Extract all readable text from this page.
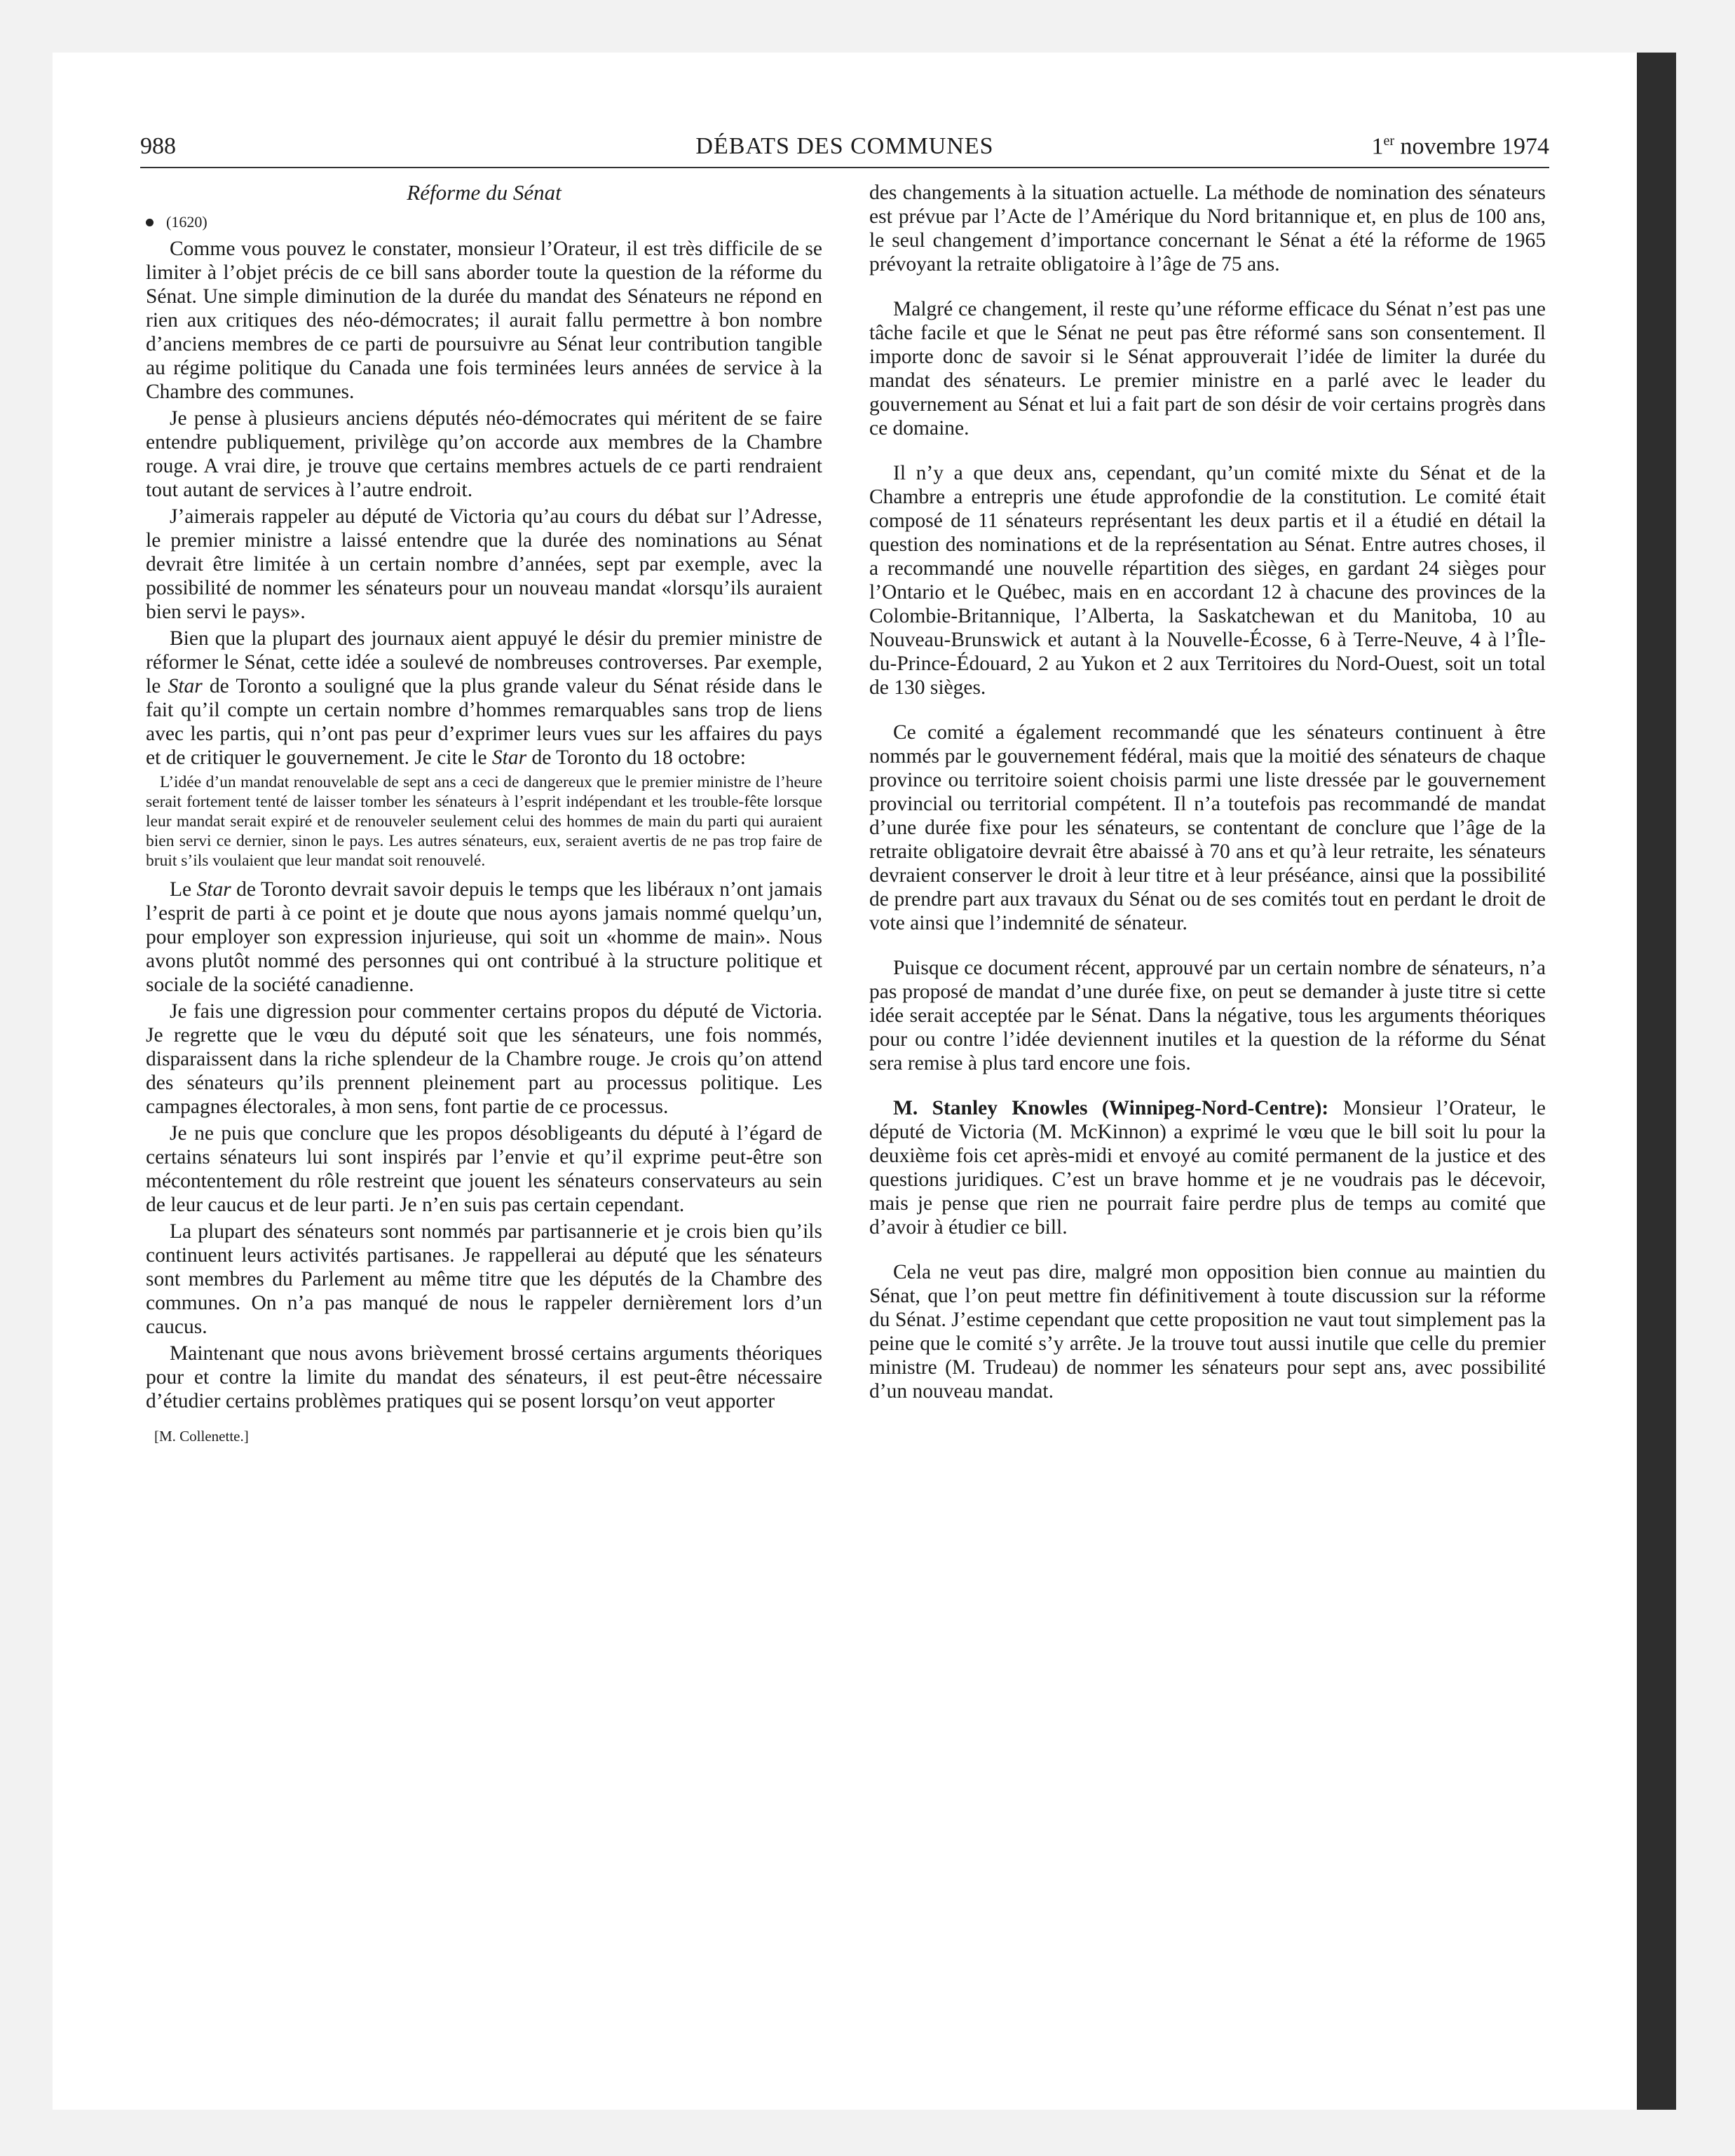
988	DÉBATS DES COMMUNES	1er novembre 1974
Réforme du Sénat
(1620)

Comme vous pouvez le constater, monsieur l’Orateur, il est très difficile de se limiter à l’objet précis de ce bill sans aborder toute la question de la réforme du Sénat. Une simple diminution de la durée du mandat des Sénateurs ne répond en rien aux critiques des néo-démocrates; il aurait fallu permettre à bon nombre d’anciens membres de ce parti de poursuivre au Sénat leur contribution tangible au régime politique du Canada une fois terminées leurs années de service à la Chambre des communes.

Je pense à plusieurs anciens députés néo-démocrates qui méritent de se faire entendre publiquement, privilège qu’on accorde aux membres de la Chambre rouge. A vrai dire, je trouve que certains membres actuels de ce parti rendraient tout autant de services à l’autre endroit.

J’aimerais rappeler au député de Victoria qu’au cours du débat sur l’Adresse, le premier ministre a laissé entendre que la durée des nominations au Sénat devrait être limitée à un certain nombre d’années, sept par exemple, avec la possibilité de nommer les sénateurs pour un nouveau mandat «lorsqu’ils auraient bien servi le pays».

Bien que la plupart des journaux aient appuyé le désir du premier ministre de réformer le Sénat, cette idée a soulevé de nombreuses controverses. Par exemple, le Star de Toronto a souligné que la plus grande valeur du Sénat réside dans le fait qu’il compte un certain nombre d’hommes remarquables sans trop de liens avec les partis, qui n’ont pas peur d’exprimer leurs vues sur les affaires du pays et de critiquer le gouvernement. Je cite le Star de Toronto du 18 octobre:

L’idée d’un mandat renouvelable de sept ans a ceci de dangereux que le premier ministre de l’heure serait fortement tenté de laisser tomber les sénateurs à l’esprit indépendant et les trouble-fête lorsque leur mandat serait expiré et de renouveler seulement celui des hommes de main du parti qui auraient bien servi ce dernier, sinon le pays. Les autres sénateurs, eux, seraient avertis de ne pas trop faire de bruit s’ils voulaient que leur mandat soit renouvelé.

Le Star de Toronto devrait savoir depuis le temps que les libéraux n’ont jamais l’esprit de parti à ce point et je doute que nous ayons jamais nommé quelqu’un, pour employer son expression injurieuse, qui soit un «homme de main». Nous avons plutôt nommé des personnes qui ont contribué à la structure politique et sociale de la société canadienne.

Je fais une digression pour commenter certains propos du député de Victoria. Je regrette que le vœu du député soit que les sénateurs, une fois nommés, disparaissent dans la riche splendeur de la Chambre rouge. Je crois qu’on attend des sénateurs qu’ils prennent pleinement part au processus politique. Les campagnes électorales, à mon sens, font partie de ce processus.

Je ne puis que conclure que les propos désobligeants du député à l’égard de certains sénateurs lui sont inspirés par l’envie et qu’il exprime peut-être son mécontentement du rôle restreint que jouent les sénateurs conservateurs au sein de leur caucus et de leur parti. Je n’en suis pas certain cependant.

La plupart des sénateurs sont nommés par partisannerie et je crois bien qu’ils continuent leurs activités partisanes. Je rappellerai au député que les sénateurs sont membres du Parlement au même titre que les députés de la Chambre des communes. On n’a pas manqué de nous le rappeler dernièrement lors d’un caucus.

Maintenant que nous avons brièvement brossé certains arguments théoriques pour et contre la limite du mandat des sénateurs, il est peut-être nécessaire d’étudier certains problèmes pratiques qui se posent lorsqu’on veut apporter

[M. Collenette.]

des changements à la situation actuelle. La méthode de nomination des sénateurs est prévue par l’Acte de l’Amérique du Nord britannique et, en plus de 100 ans, le seul changement d’importance concernant le Sénat a été la réforme de 1965 prévoyant la retraite obligatoire à l’âge de 75 ans.

Malgré ce changement, il reste qu’une réforme efficace du Sénat n’est pas une tâche facile et que le Sénat ne peut pas être réformé sans son consentement. Il importe donc de savoir si le Sénat approuverait l’idée de limiter la durée du mandat des sénateurs. Le premier ministre en a parlé avec le leader du gouvernement au Sénat et lui a fait part de son désir de voir certains progrès dans ce domaine.

Il n’y a que deux ans, cependant, qu’un comité mixte du Sénat et de la Chambre a entrepris une étude approfondie de la constitution. Le comité était composé de 11 sénateurs représentant les deux partis et il a étudié en détail la question des nominations et de la représentation au Sénat. Entre autres choses, il a recommandé une nouvelle répartition des sièges, en gardant 24 sièges pour l’Ontario et le Québec, mais en en accordant 12 à chacune des provinces de la Colombie-Britannique, l’Alberta, la Saskatchewan et du Manitoba, 10 au Nouveau-Brunswick et autant à la Nouvelle-Écosse, 6 à Terre-Neuve, 4 à l’Île-du-Prince-Édouard, 2 au Yukon et 2 aux Territoires du Nord-Ouest, soit un total de 130 sièges.

Ce comité a également recommandé que les sénateurs continuent à être nommés par le gouvernement fédéral, mais que la moitié des sénateurs de chaque province ou territoire soient choisis parmi une liste dressée par le gouvernement provincial ou territorial compétent. Il n’a toutefois pas recommandé de mandat d’une durée fixe pour les sénateurs, se contentant de conclure que l’âge de la retraite obligatoire devrait être abaissé à 70 ans et qu’à leur retraite, les sénateurs devraient conserver le droit à leur titre et à leur préséance, ainsi que la possibilité de prendre part aux travaux du Sénat ou de ses comités tout en perdant le droit de vote ainsi que l’indemnité de sénateur.

Puisque ce document récent, approuvé par un certain nombre de sénateurs, n’a pas proposé de mandat d’une durée fixe, on peut se demander à juste titre si cette idée serait acceptée par le Sénat. Dans la négative, tous les arguments théoriques pour ou contre l’idée deviennent inutiles et la question de la réforme du Sénat sera remise à plus tard encore une fois.

M. Stanley Knowles (Winnipeg-Nord-Centre): Monsieur l’Orateur, le député de Victoria (M. McKinnon) a exprimé le vœu que le bill soit lu pour la deuxième fois cet après-midi et envoyé au comité permanent de la justice et des questions juridiques. C’est un brave homme et je ne voudrais pas le décevoir, mais je pense que rien ne pourrait faire perdre plus de temps au comité que d’avoir à étudier ce bill.

Cela ne veut pas dire, malgré mon opposition bien connue au maintien du Sénat, que l’on peut mettre fin définitivement à toute discussion sur la réforme du Sénat. J’estime cependant que cette proposition ne vaut tout simplement pas la peine que le comité s’y arrête. Je la trouve tout aussi inutile que celle du premier ministre (M. Trudeau) de nommer les sénateurs pour sept ans, avec possibilité d’un nouveau mandat.
